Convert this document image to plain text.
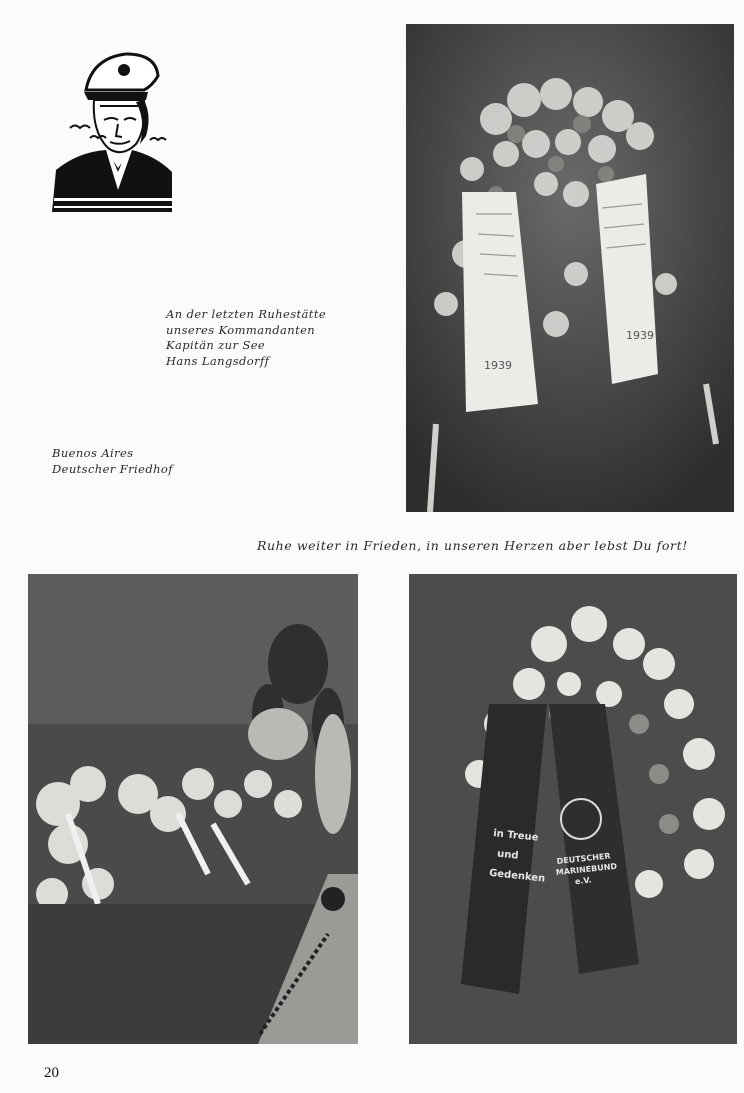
1939
1939
An der letzten Ruhestätte
unseres Kommandanten
Kapitän zur See
Hans Langsdorff
Buenos Aires
Deutscher Friedhof
Ruhe weiter in Frieden, in unseren Herzen aber lebst Du fort!
in Treue und Gedenken
DEUTSCHER MARINEBUND e.V.
20
